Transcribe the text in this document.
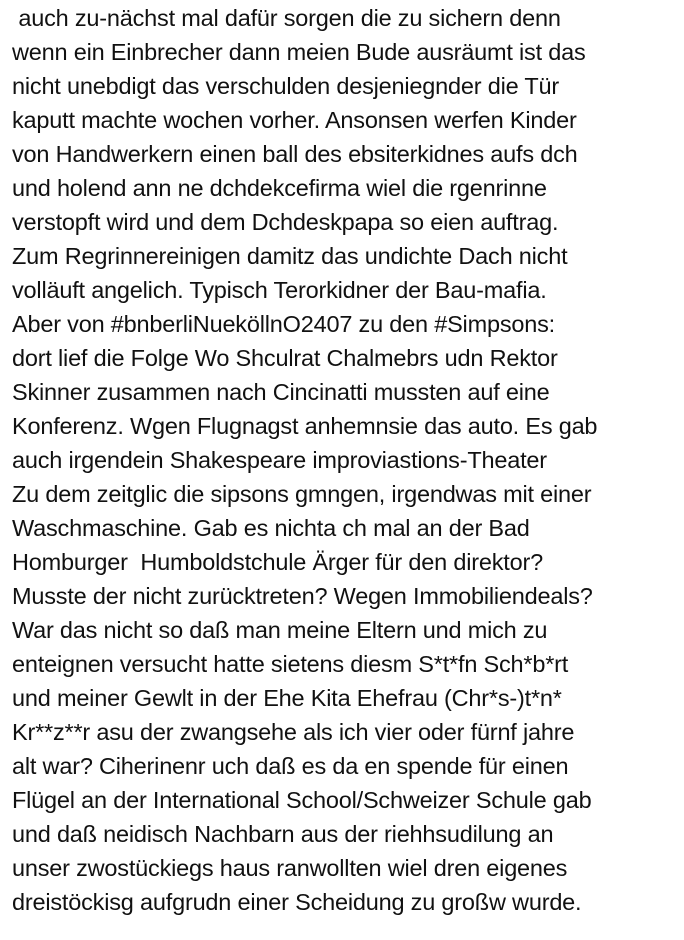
auch zu-nächst mal dafür sorgen die zu sichern denn
wenn ein Einbrecher dann meien Bude ausräumt ist das
nicht unebdigt das verschulden desjeniegnder die Tür
kaputt machte wochen vorher. Ansonsen werfen Kinder
von Handwerkern einen ball des ebsiterkidnes aufs dch
und holend ann ne dchdekcefirma wiel die rgenrinne
verstopft wird und dem Dchdeskpapa so eien auftrag.
Zum Regrinnereinigen damitz das undichte Dach nicht
volläuft angelich. Typisch Terorkidner der Bau-mafia.
Aber von #bnberliNueköllnO2407 zu den #Simpsons:
dort lief die Folge Wo Shculrat Chalmebrs udn Rektor
Skinner zusammen nach Cincinatti mussten auf eine
Konferenz. Wgen Flugnagst anhemnsie das auto. Es gab
auch irgendein Shakespeare improviastions-Theater
Zu dem zeitglic die sipsons gmngen, irgendwas mit einer
Waschmaschine. Gab es nichta ch mal an der Bad
Homburger  Humboldstchule Ärger für den direktor?
Musste der nicht zurücktreten? Wegen Immobiliendeals?
War das nicht so daß man meine Eltern und mich zu
enteignen versucht hatte sietens diesm S*t*fn Sch*b*rt
und meiner Gewlt in der Ehe Kita Ehefrau (Chr*s-)t*n*
Kr**z**r asu der zwangsehe als ich vier oder fürnf jahre
alt war? Ciherinenr uch daß es da en spende für einen
Flügel an der International School/Schweizer Schule gab
und daß neidisch Nachbarn aus der riehhsudilung an
unser zwostückiegs haus ranwollten wiel dren eigenes
dreistöckisg aufgrudn einer Scheidung zu großw wurde.
